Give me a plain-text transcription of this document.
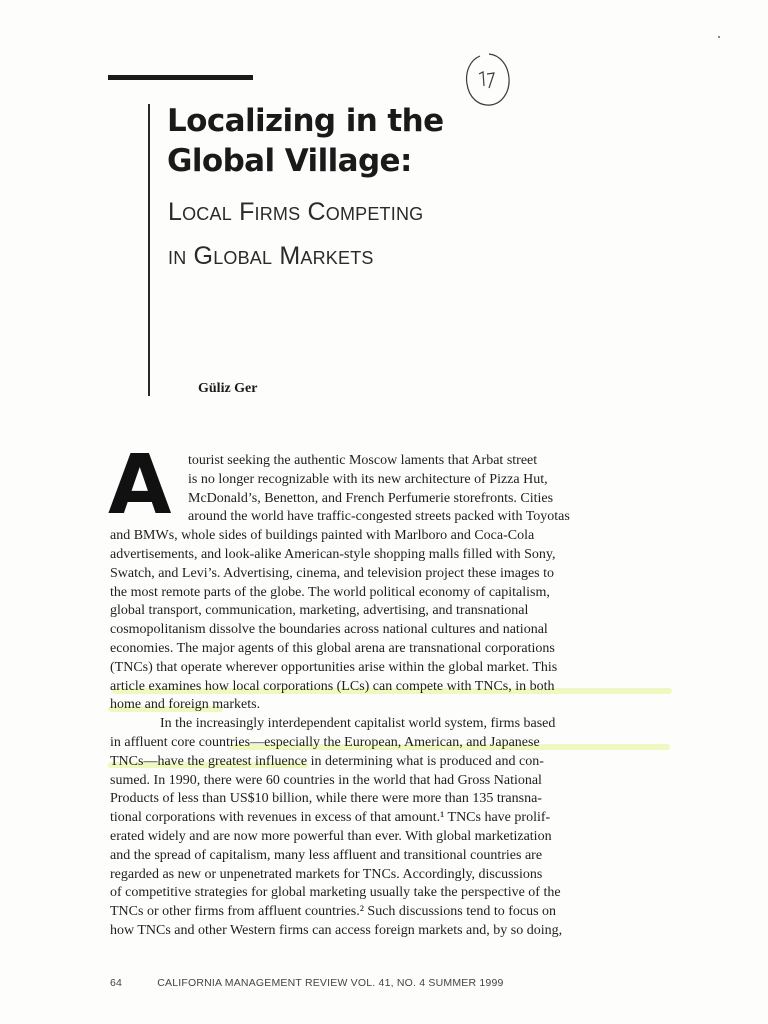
Localizing in the
Global Village:
Local Firms Competing
in Global Markets
Güliz Ger
A	tourist seeking the authentic Moscow laments that Arbat street
is no longer recognizable with its new architecture of Pizza Hut,
McDonald’s, Benetton, and French Perfumerie storefronts. Cities
around the world have traffic-congested streets packed with Toyotas
and BMWs, whole sides of buildings painted with Marlboro and Coca-Cola
advertisements, and look-alike American-style shopping malls filled with Sony,
Swatch, and Levi’s. Advertising, cinema, and television project these images to
the most remote parts of the globe. The world political economy of capitalism,
global transport, communication, marketing, advertising, and transnational
cosmopolitanism dissolve the boundaries across national cultures and national
economies. The major agents of this global arena are transnational corporations
(TNCs) that operate wherever opportunities arise within the global market. This
article examines how local corporations (LCs) can compete with TNCs, in both
home and foreign markets.
In the increasingly interdependent capitalist world system, firms based
in affluent core countries—especially the European, American, and Japanese
TNCs—have the greatest influence in determining what is produced and con-
sumed. In 1990, there were 60 countries in the world that had Gross National
Products of less than US$10 billion, while there were more than 135 transna-
tional corporations with revenues in excess of that amount.¹ TNCs have prolif-
erated widely and are now more powerful than ever. With global marketization
and the spread of capitalism, many less affluent and transitional countries are
regarded as new or unpenetrated markets for TNCs. Accordingly, discussions
of competitive strategies for global marketing usually take the perspective of the
TNCs or other firms from affluent countries.² Such discussions tend to focus on
how TNCs and other Western firms can access foreign markets and, by so doing,
64	CALIFORNIA MANAGEMENT REVIEW VOL. 41, NO. 4 SUMMER 1999
